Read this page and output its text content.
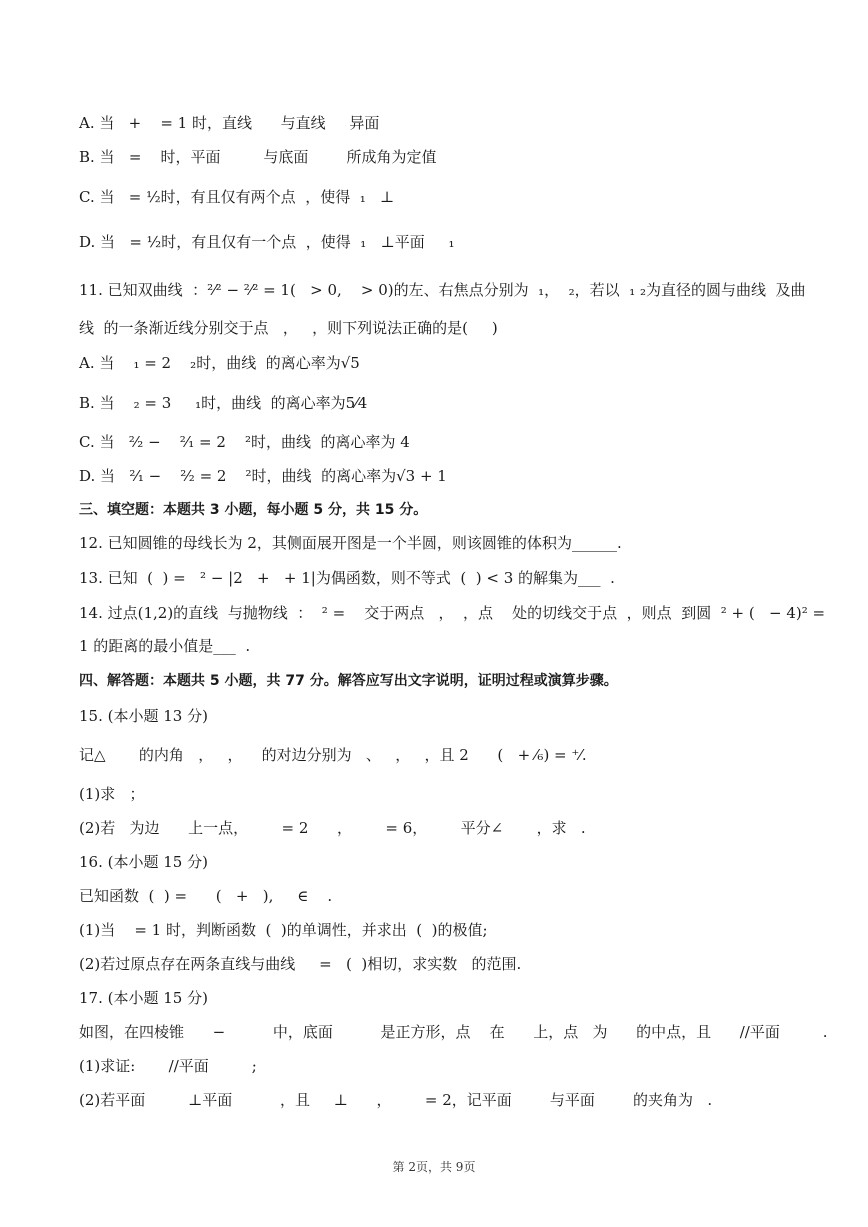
A. 当   +    = 1 时，直线      与直线     异面
B. 当   =    时，平面         与底面        所成角为定值
C. 当   = ½时，有且仅有两个点  ，使得  ₁   ⊥
D. 当   = ½时，有且仅有一个点  ，使得  ₁   ⊥平面     ₁
11. 已知双曲线  ：²⁄² − ²⁄² = 1(   > 0,    > 0)的左、右焦点分别为  ₁，  ₂，若以  ₁ ₂为直径的圆与曲线  及曲
线  的一条渐近线分别交于点   ，   ，则下列说法正确的是(     )
A. 当    ₁ = 2    ₂时，曲线  的离心率为√5
B. 当    ₂ = 3     ₁时，曲线  的离心率为5⁄4
C. 当   ²⁄₂ −    ²⁄₁ = 2    ²时，曲线  的离心率为 4
D. 当   ²⁄₁ −    ²⁄₂ = 2    ²时，曲线  的离心率为√3 + 1
三、填空题：本题共 3 小题，每小题 5 分，共 15 分。
12. 已知圆锥的母线长为 2，其侧面展开图是一个半圆，则该圆锥的体积为______.
13. 已知  (  ) =   ² − |2   +   + 1|为偶函数，则不等式  (  ) < 3 的解集为___  .
14. 过点(1,2)的直线  与抛物线  ：  ² =    交于两点   ，  ，点    处的切线交于点  ，则点  到圆  ² + (   − 4)² =
1 的距离的最小值是___  .
四、解答题：本题共 5 小题，共 77 分。解答应写出文字说明，证明过程或演算步骤。
15. (本小题 13 分)
记△       的内角   ，   ，    的对边分别为   、   ，   ，且 2      (   + ⁄₆) = ⁺⁄.
(1)求   ；
(2)若   为边      上一点，       = 2      ，       = 6，       平分∠       ，求   .
16. (本小题 15 分)
已知函数  (  ) =      (   +   ),     ∈    .
(1)当    = 1 时，判断函数  (  )的单调性，并求出  (  )的极值;
(2)若过原点存在两条直线与曲线     =   (  )相切，求实数   的范围.
17. (本小题 15 分)
如图，在四棱锥      −          中，底面          是正方形，点    在      上，点   为      的中点，且      //平面         .
(1)求证:       //平面         ;
(2)若平面         ⊥平面          ，且     ⊥      ，       = 2，记平面        与平面        的夹角为   .
第 2页，共 9页
